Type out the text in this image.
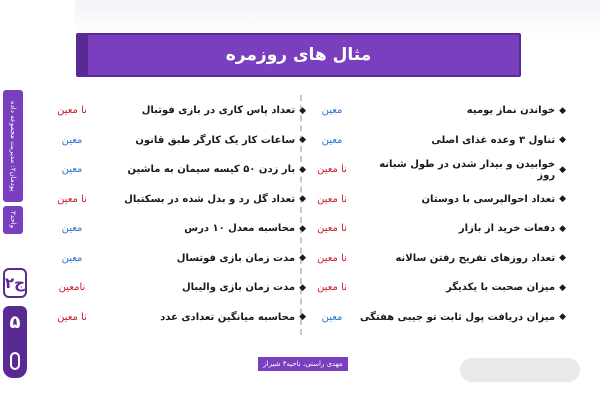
مثال های روزمره
پودمان۲: مدیریت مجموعه داده
واحد۳
۲ج
۵
◆
خواندن نماز یومیه
معین
◆
تناول ۳ وعده غذای اصلی
معین
◆
خوابیدن و بیدار شدن در طول شبانه روز
نا معین
◆
تعداد احوالپرسی با دوستان
نا معین
◆
دفعات خرید از بازار
نا معین
◆
تعداد روزهای تفریح رفتن سالانه
نا معین
◆
میزان صحبت با یکدیگر
نا معین
◆
میزان دریافت پول ثابت تو جیبی هفتگی
معین
◆
تعداد پاس کاری در بازی فوتبال
نا معین
◆
ساعات کار یک کارگر طبق قانون
معین
◆
بار زدن ۵۰ کیسه سیمان به ماشین
معین
◆
تعداد گل رد و بدل شده در بسکتبال
نا معین
◆
محاسبه معدل ۱۰ درس
معین
◆
مدت زمان بازی فوتسال
معین
◆
مدت زمان بازی والیبال
نامعین
◆
محاسبه میانگین تعدادی عدد
نا معین
مهدی راستی، ناحیه۳ شیراز
